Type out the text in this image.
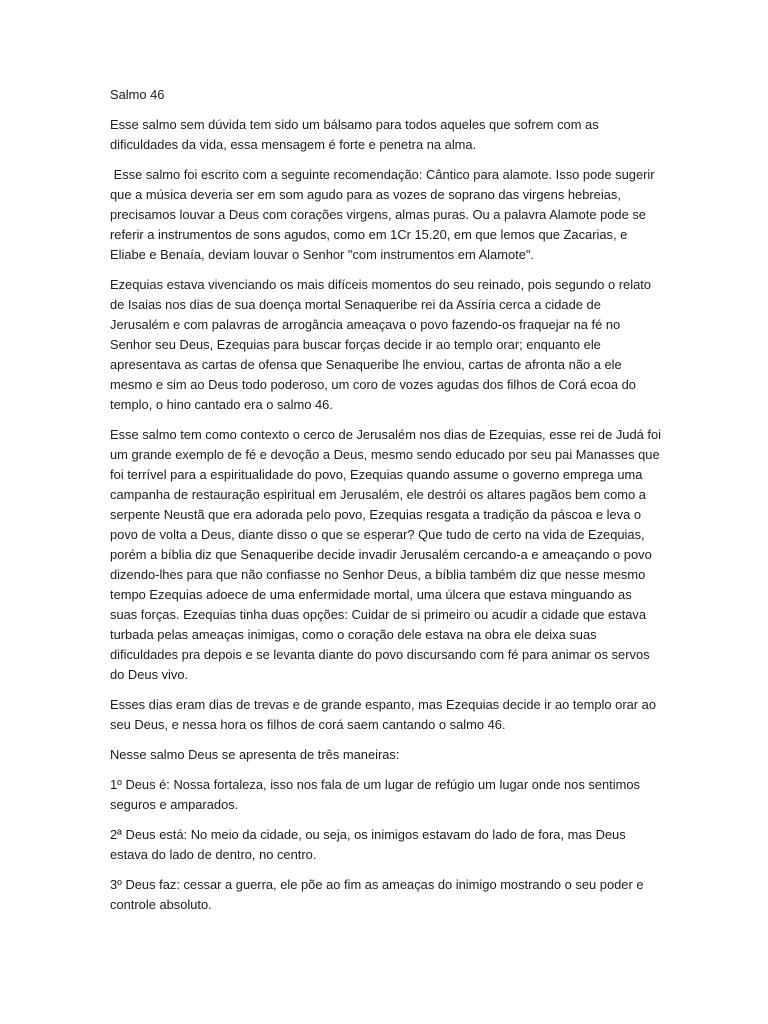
Salmo 46

Esse salmo sem dúvida tem sido um bálsamo para todos aqueles que sofrem com as dificuldades da vida, essa mensagem é forte e penetra na alma.

Esse salmo foi escrito com a seguinte recomendação: Cântico para alamote. Isso pode sugerir que a música deveria ser em som agudo para as vozes de soprano das virgens hebreias, precisamos louvar a Deus com corações virgens, almas puras. Ou a palavra Alamote pode se referir a instrumentos de sons agudos, como em 1Cr 15.20, em que lemos que Zacarias, e Eliabe e Benaía, deviam louvar o Senhor "com instrumentos em Alamote".

Ezequias estava vivenciando os mais difíceis momentos do seu reinado, pois segundo o relato de Isaias nos dias de sua doença mortal Senaqueribe rei da Assíria cerca a cidade de Jerusalém e com palavras de arrogância ameaçava o povo fazendo-os fraquejar na fé no Senhor seu Deus, Ezequias para buscar forças decide ir ao templo orar; enquanto ele apresentava as cartas de ofensa que Senaqueribe lhe enviou, cartas de afronta não a ele mesmo e sim ao Deus todo poderoso, um coro de vozes agudas dos filhos de Corá ecoa do templo, o hino cantado era o salmo 46.

Esse salmo tem como contexto o cerco de Jerusalém nos dias de Ezequias, esse rei de Judá foi um grande exemplo de fé e devoção a Deus, mesmo sendo educado por seu pai Manasses que foi terrível para a espiritualidade do povo, Ezequias quando assume o governo emprega uma campanha de restauração espiritual em Jerusalém, ele destrói os altares pagãos bem como a serpente Neustã que era adorada pelo povo, Ezequias resgata a tradição da páscoa e leva o povo de volta a Deus, diante disso o que se esperar? Que tudo de certo na vida de Ezequias, porém a bíblia diz que Senaqueribe decide invadir Jerusalém cercando-a e ameaçando o povo dizendo-lhes para que não confiasse no Senhor Deus, a bíblia também diz que nesse mesmo tempo Ezequias adoece de uma enfermidade mortal, uma úlcera que estava minguando as suas forças. Ezequias tinha duas opções: Cuidar de si primeiro ou acudir a cidade que estava turbada pelas ameaças inimigas, como o coração dele estava na obra ele deixa suas dificuldades pra depois e se levanta diante do povo discursando com fé para animar os servos do Deus vivo.

Esses dias eram dias de trevas e de grande espanto, mas Ezequias decide ir ao templo orar ao seu Deus, e nessa hora os filhos de corá saem cantando o salmo 46.

Nesse salmo Deus se apresenta de três maneiras:

1º Deus é: Nossa fortaleza, isso nos fala de um lugar de refúgio um lugar onde nos sentimos seguros e amparados.

2ª Deus está: No meio da cidade, ou seja, os inimigos estavam do lado de fora, mas Deus estava do lado de dentro, no centro.

3º Deus faz: cessar a guerra, ele põe ao fim as ameaças do inimigo mostrando o seu poder e controle absoluto.
